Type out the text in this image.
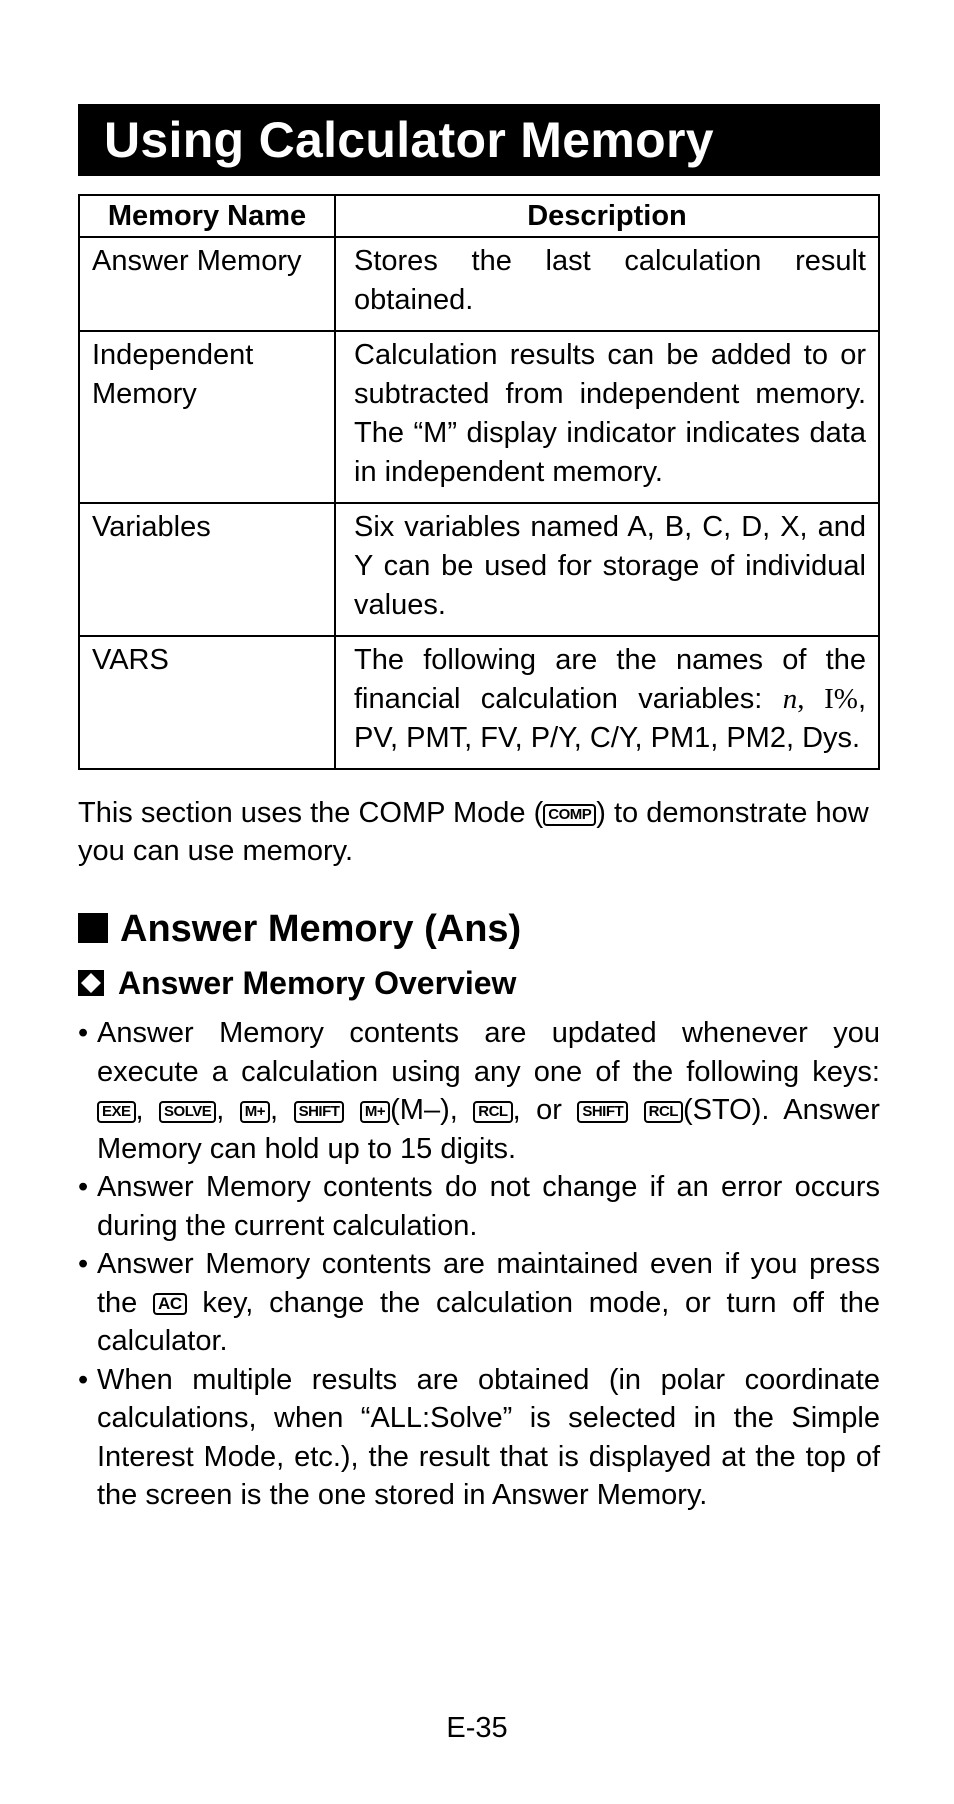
Using Calculator Memory
Memory Name	Description
Answer Memory	Stores the last calculation result obtained.
Independent Memory	Calculation results can be added to or subtracted from independent memory. The “M” display indicator indicates data in independent memory.
Variables	Six variables named A, B, C, D, X, and Y can be used for storage of individual values.
VARS	The following are the names of the financial calculation variables: n, I%, PV, PMT, FV, P/Y, C/Y, PM1, PM2, Dys.
This section uses the COMP Mode ( COMP ) to demonstrate how you can use memory.
Answer Memory (Ans)
Answer Memory Overview
• Answer Memory contents are updated whenever you execute a calculation using any one of the following keys: EXE , SOLVE , M+ , SHIFT M+ (M–), RCL , or SHIFT RCL (STO). Answer Memory can hold up to 15 digits.
• Answer Memory contents do not change if an error occurs during the current calculation.
• Answer Memory contents are maintained even if you press the AC key, change the calculation mode, or turn off the calculator.
• When multiple results are obtained (in polar coordinate calculations, when “ALL:Solve” is selected in the Simple Interest Mode, etc.), the result that is displayed at the top of the screen is the one stored in Answer Memory.
E-35
